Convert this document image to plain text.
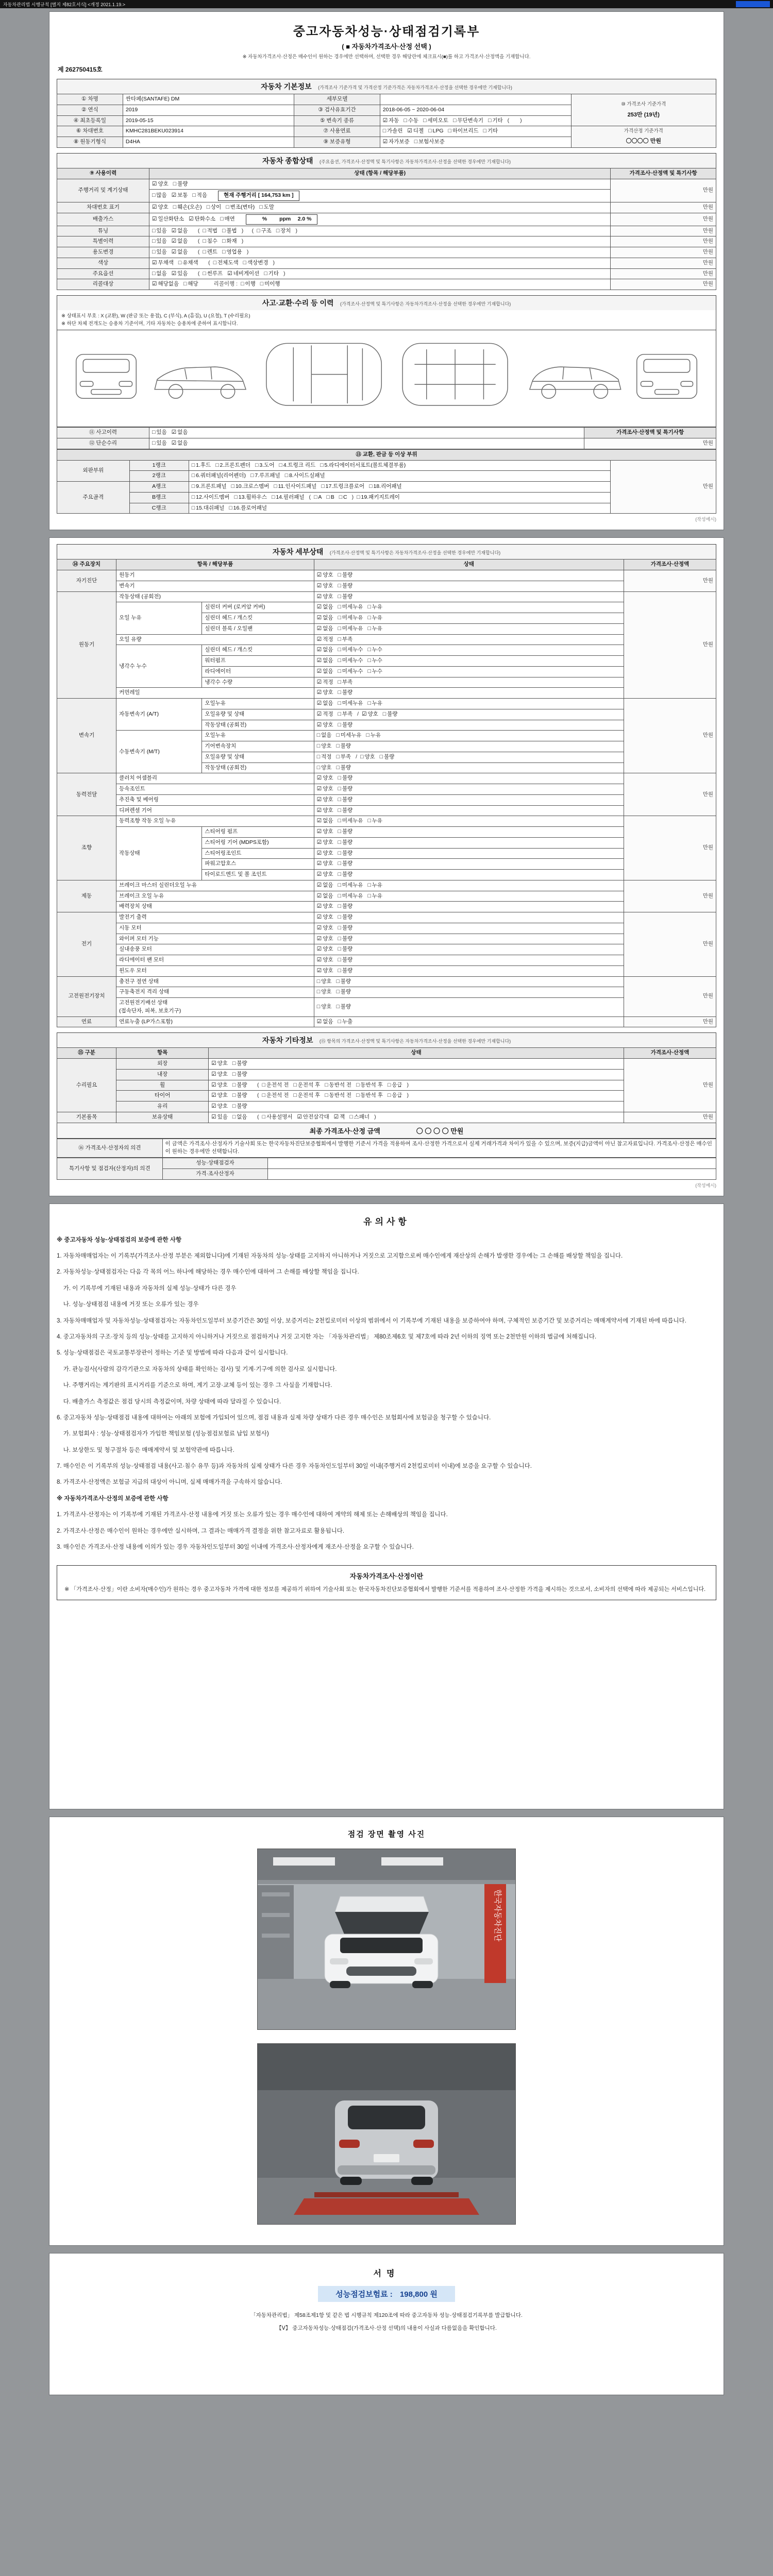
자동차관리법 시행규칙 [별지 제82호서식] <개정 2021.1.19.>
중고자동차성능·상태점검기록부
( ■ 자동차가격조사·산정 선택 )
※ 자동차가격조사·산정은 매수인이 원하는 경우에만 선택하며, 선택한 경우 해당란에 체크표시(■)를 하고 가격조사·산정액을 기재합니다.
제 262750415호
자동차 기본정보 (가격조사 기준가격 및 가격산정 기준가격은 자동차가격조사·산정을 선택한 경우에만 기재합니다)
① 차명	싼타페(SANTAFE) DM	세부모델		⑩ 가격조사 기준가격
253만 (19년)

② 연식	2019	③ 검사유효기간	2018-06-05 ~ 2020-06-04	
④ 최초등록일	2019-05-15	⑤ 변속기 종류	☑ 자동 □ 수동 □ 세미오토 □ 무단변속기 □ 기타 (　　)	
⑥ 차대번호	KMHC281BEKU023914	⑦ 사용연료	□ 가솔린 ☑ 디젤 □ LPG □ 하이브리드 □ 기타	가격산정 기준가격
〇〇〇〇 만원

⑧ 원동기형식	D4HA	⑨ 보증유형	☑ 자가보증 □ 보험사보증	
자동차 종합상태 (주요옵션, 가격조사·산정액 및 특기사항은 자동차가격조사·산정을 선택한 경우에만 기재합니다)
⑨ 사용이력	상태 (항목 / 해당부품)	가격조사·산정액 및 특기사항
주행거리 및 계기상태	☑ 양호 □ 불량	만원
	□ 많음 ☑ 보통 □ 적음 현재 주행거리 [ 164,753 km ]	
차대번호 표기	☑ 양호 □ 훼손(오손) □ 상이 □ 변조(변타) □ 도말	만원
배출가스	☑ 일산화탄소 ☑ 탄화수소 □ 매연 　　% 　　ppm 　2.0 %	만원
튜닝	□ 있음 ☑ 없음　( □ 적법 □ 불법 )　( □ 구조 □ 장치 )	만원
특별이력	□ 있음 ☑ 없음　( □ 침수 □ 화재 )	만원
용도변경	□ 있음 ☑ 없음　( □ 렌트 □ 영업용 )	만원
색상	☑ 무채색 □ 유채색　( □ 전체도색 □ 색상변경 )	만원
주요옵션	□ 없음 ☑ 있음　( □ 썬루프 ☑ 네비게이션 □ 기타 )	만원
리콜대상	☑ 해당없음 □ 해당　　리콜이행 : □ 이행 □ 미이행	만원
사고·교환·수리 등 이력 (가격조사·산정액 및 특기사항은 자동차가격조사·산정을 선택한 경우에만 기재합니다)
※ 상태표시 부호 : X (교환), W (판금 또는 용접), C (부식), A (흠집), U (요철), T (수리필요)
※ 하단 차체 전개도는 승용차 기준이며, 기타 자동차는 승용차에 준하여 표시합니다.
⑪ 사고이력	□ 있음 ☑ 없음	가격조사·산정액 및 특기사항
⑫ 단순수리	□ 있음 ☑ 없음	만원
⑬ 교환, 판금 등 이상 부위			
외판부위	1랭크	□ 1.후드 □ 2.프론트펜더 □ 3.도어 □ 4.트렁크 리드 □ 5.라디에이터서포트(볼트체결부품)	만원
	2랭크	□ 6.쿼터패널(리어펜더) □ 7.루프패널 □ 8.사이드실패널	
주요골격	A랭크	□ 9.프론트패널 □ 10.크로스멤버 □ 11.인사이드패널 □ 17.트렁크플로어 □ 18.리어패널	
	B랭크	□ 12.사이드멤버 □ 13.휠하우스 □ 14.필러패널 ( □ A □ B □ C ) □ 19.패키지트레이	
	C랭크	□ 15.대쉬패널 □ 16.플로어패널	
(작성예시)
자동차 세부상태 (가격조사·산정액 및 특기사항은 자동차가격조사·산정을 선택한 경우에만 기재합니다)
⑭ 주요장치	항목 / 해당부품		상태	가격조사·산정액
자기진단	원동기		☑ 양호 □ 불량	만원
	변속기		☑ 양호 □ 불량	
원동기	작동상태 (공회전)		☑ 양호 □ 불량	만원
	오일 누유	실린더 커버 (로커암 커버)	☑ 없음 □ 미세누유 □ 누유	
		실린더 헤드 / 개스킷	☑ 없음 □ 미세누유 □ 누유	
		실린더 블록 / 오일팬	☑ 없음 □ 미세누유 □ 누유	
	오일 유량		☑ 적정 □ 부족	
	냉각수 누수	실린더 헤드 / 개스킷	☑ 없음 □ 미세누수 □ 누수	
		워터펌프	☑ 없음 □ 미세누수 □ 누수	
		라디에이터	☑ 없음 □ 미세누수 □ 누수	
		냉각수 수량	☑ 적정 □ 부족	
	커먼레일		☑ 양호 □ 불량	
변속기	자동변속기 (A/T)	오일누유	☑ 없음 □ 미세누유 □ 누유	만원
		오일유량 및 상태	☑ 적정 □ 부족 / ☑ 양호 □ 불량	
		작동상태 (공회전)	☑ 양호 □ 불량	
	수동변속기 (M/T)	오일누유	□ 없음 □ 미세누유 □ 누유	
		기어변속장치	□ 양호 □ 불량	
		오일유량 및 상태	□ 적정 □ 부족 / □ 양호 □ 불량	
		작동상태 (공회전)	□ 양호 □ 불량	
동력전달	클러치 어셈블리		☑ 양호 □ 불량	만원
	등속조인트		☑ 양호 □ 불량	
	추진축 및 베어링		☑ 양호 □ 불량	
	디퍼렌셜 기어		☑ 양호 □ 불량	
조향	동력조향 작동 오일 누유		☑ 없음 □ 미세누유 □ 누유	만원
	작동상태	스티어링 펌프	☑ 양호 □ 불량	
		스티어링 기어 (MDPS포함)	☑ 양호 □ 불량	
		스티어링조인트	☑ 양호 □ 불량	
		파워고압호스	☑ 양호 □ 불량	
		타이로드엔드 및 볼 조인트	☑ 양호 □ 불량	
제동	브레이크 마스터 실린더오일 누유		☑ 없음 □ 미세누유 □ 누유	만원
	브레이크 오일 누유		☑ 없음 □ 미세누유 □ 누유	
	배력장치 상태		☑ 양호 □ 불량	
전기	발전기 출력		☑ 양호 □ 불량	만원
	시동 모터		☑ 양호 □ 불량	
	와이퍼 모터 기능		☑ 양호 □ 불량	
	실내송풍 모터		☑ 양호 □ 불량	
	라디에이터 팬 모터		☑ 양호 □ 불량	
	윈도우 모터		☑ 양호 □ 불량	
고전원전기장치	충전구 절연 상태		□ 양호 □ 불량	만원
	구동축전지 격리 상태		□ 양호 □ 불량	

	고전원전기배선 상태
(접속단자, 피복, 보호기구)		□ 양호 □ 불량	
연료	연료누출 (LP가스포함)		☑ 없음 □ 누출	만원
자동차 기타정보 (⑮ 항목의 가격조사·산정액 및 특기사항은 자동차가격조사·산정을 선택한 경우에만 기재합니다)
⑮ 구분	항목	상태	가격조사·산정액
수리필요	외장	☑ 양호 □ 불량	만원
	내장	☑ 양호 □ 불량	
	휠	☑ 양호 □ 불량　( □ 운전석 전 □ 운전석 후 □ 동반석 전 □ 동반석 후 □ 응급 )	
	타이어	☑ 양호 □ 불량　( □ 운전석 전 □ 운전석 후 □ 동반석 전 □ 동반석 후 □ 응급 )	
	유리	☑ 양호 □ 불량	
기본품목	보유상태	☑ 있음 □ 없음　( □ 사용설명서 ☑ 안전삼각대 ☑ 잭 □ 스패너 )	만원
최종 가격조사·산정 금액	〇 〇 〇 〇 만원
⑯ 가격조사·산정자의 의견	이 금액은 가격조사·산정자가 기술사회 또는 한국자동차진단보증협회에서 발행한 기준서 가격을 적용하여 조사·산정한 가격으로서 실제 거래가격과 차이가 있을 수 있으며, 보증(지급)금액이 아닌 참고자료입니다. 가격조사·산정은 매수인이 원하는 경우에만 선택합니다.
특기사항 및 점검자(산정자)의 의견	성능·상태점검자	
	가격·조사산정자	
(작성예시)
유의사항
※ 중고자동차 성능·상태점검의 보증에 관한 사항
1. 자동차매매업자는 이 기록부(가격조사·산정 부분은 제외합니다)에 기재된 자동차의 성능·상태를 고지하지 아니하거나 거짓으로 고지함으로써 매수인에게 재산상의 손해가 발생한 경우에는 그 손해를 배상할 책임을 집니다.
2. 자동차성능·상태점검자는 다음 각 목의 어느 하나에 해당하는 경우 매수인에 대하여 그 손해를 배상할 책임을 집니다.
가. 이 기록부에 기재된 내용과 자동차의 실제 성능·상태가 다른 경우
나. 성능·상태점검 내용에 거짓 또는 오류가 있는 경우
3. 자동차매매업자 및 자동차성능·상태점검자는 자동차인도일부터 보증기간은 30일 이상, 보증거리는 2천킬로미터 이상의 범위에서 이 기록부에 기재된 내용을 보증하여야 하며, 구체적인 보증기간 및 보증거리는 매매계약서에 기재된 바에 따릅니다.
4. 중고자동차의 구조·장치 등의 성능·상태를 고지하지 아니하거나 거짓으로 점검하거나 거짓 고지한 자는 「자동차관리법」 제80조제6호 및 제7호에 따라 2년 이하의 징역 또는 2천만원 이하의 벌금에 처해집니다.
5. 성능·상태점검은 국토교통부장관이 정하는 기준 및 방법에 따라 다음과 같이 실시합니다.
가. 관능검사(사람의 감각기관으로 자동차의 상태를 확인하는 검사) 및 기계·기구에 의한 검사로 실시합니다.
나. 주행거리는 계기판의 표시거리를 기준으로 하며, 계기 고장·교체 등이 있는 경우 그 사실을 기재합니다.
다. 배출가스 측정값은 점검 당시의 측정값이며, 차량 상태에 따라 달라질 수 있습니다.
6. 중고자동차 성능·상태점검 내용에 대하여는 아래의 보험에 가입되어 있으며, 점검 내용과 실제 차량 상태가 다른 경우 매수인은 보험회사에 보험금을 청구할 수 있습니다.
가. 보험회사 : 성능·상태점검자가 가입한 책임보험 (성능점검보험료 납입 보험사)
나. 보상한도 및 청구절차 등은 매매계약서 및 보험약관에 따릅니다.
7. 매수인은 이 기록부의 성능·상태점검 내용(사고·침수 유무 등)과 자동차의 실제 상태가 다른 경우 자동차인도일부터 30일 이내(주행거리 2천킬로미터 이내)에 보증을 요구할 수 있습니다.
8. 가격조사·산정액은 보험금 지급의 대상이 아니며, 실제 매매가격을 구속하지 않습니다.
※ 자동차가격조사·산정의 보증에 관한 사항
1. 가격조사·산정자는 이 기록부에 기재된 가격조사·산정 내용에 거짓 또는 오류가 있는 경우 매수인에 대하여 계약의 해제 또는 손해배상의 책임을 집니다.
2. 가격조사·산정은 매수인이 원하는 경우에만 실시하며, 그 결과는 매매가격 결정을 위한 참고자료로 활용됩니다.
3. 매수인은 가격조사·산정 내용에 이의가 있는 경우 자동차인도일부터 30일 이내에 가격조사·산정자에게 재조사·산정을 요구할 수 있습니다.
자동차가격조사·산정이란
※ 「가격조사·산정」이란 소비자(매수인)가 원하는 경우 중고자동차 가격에 대한 정보를 제공하기 위하여 기술사회 또는 한국자동차진단보증협회에서 발행한 기준서를 적용하여 조사·산정한 가격을 제시하는 것으로서, 소비자의 선택에 따라 제공되는 서비스입니다.
점검 장면 촬영 사진
한국자동차진단
서명
성능점검보험료 : 198,800 원
「자동차관리법」 제58조제1항 및 같은 법 시행규칙 제120조에 따라 중고자동차 성능·상태점검기록부를 발급합니다.
【Ⅴ】 중고자동차성능·상태점검(가격조사·산정 선택)의 내용이 사실과 다름없음을 확인합니다.
